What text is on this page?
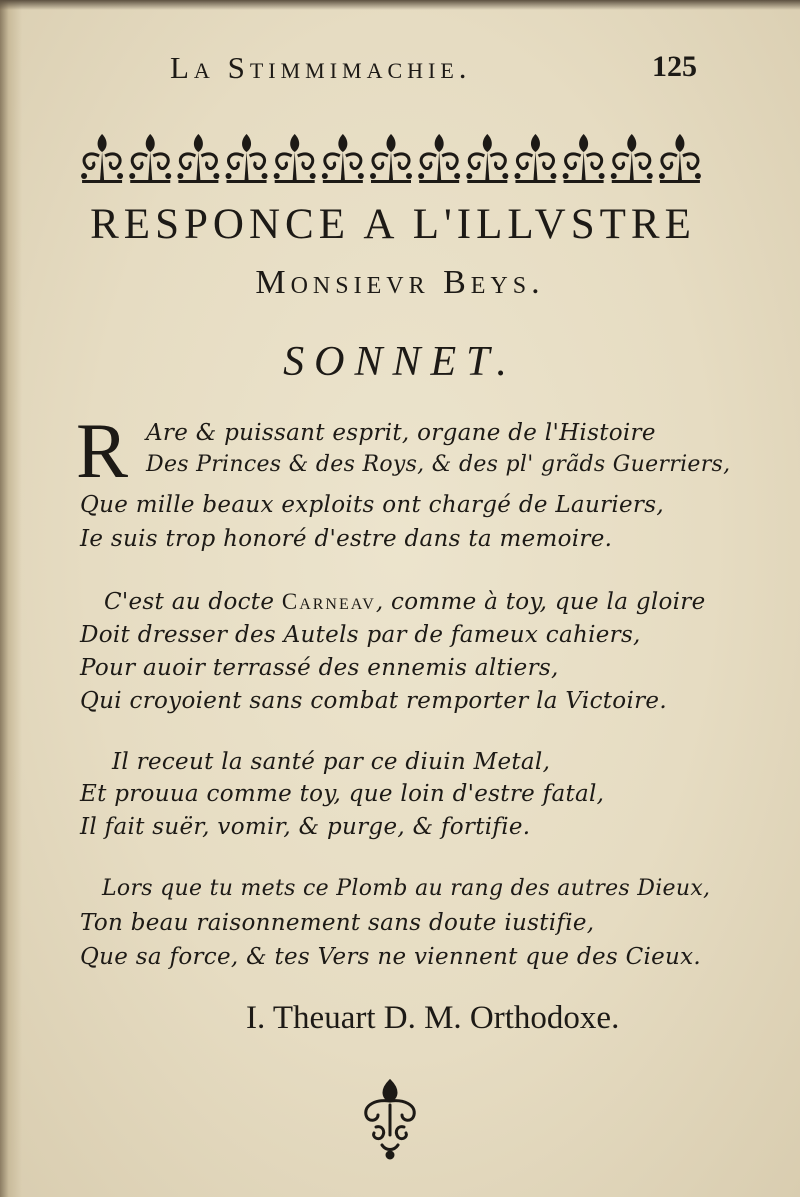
La Stimmimachie.	125
RESPONCE A L'ILLVSTRE
Monsievr Beys.
SONNET.
R Are & puissant esprit, organe de l'Histoire
Des Princes & des Roys, & des pl' grãds Guerriers,
Que mille beaux exploits ont chargé de Lauriers,
Ie suis trop honoré d'estre dans ta memoire.
C'est au docte Carneav, comme à toy, que la gloire
Doit dresser des Autels par de fameux cahiers,
Pour auoir terrassé des ennemis altiers,
Qui croyoient sans combat remporter la Victoire.
Il receut la santé par ce diuin Metal,
Et prouua comme toy, que loin d'estre fatal,
Il fait suër, vomir, & purge, & fortifie.
Lors que tu mets ce Plomb au rang des autres Dieux,
Ton beau raisonnement sans doute iustifie,
Que sa force, & tes Vers ne viennent que des Cieux.
I. Theuart D. M. Orthodoxe.
